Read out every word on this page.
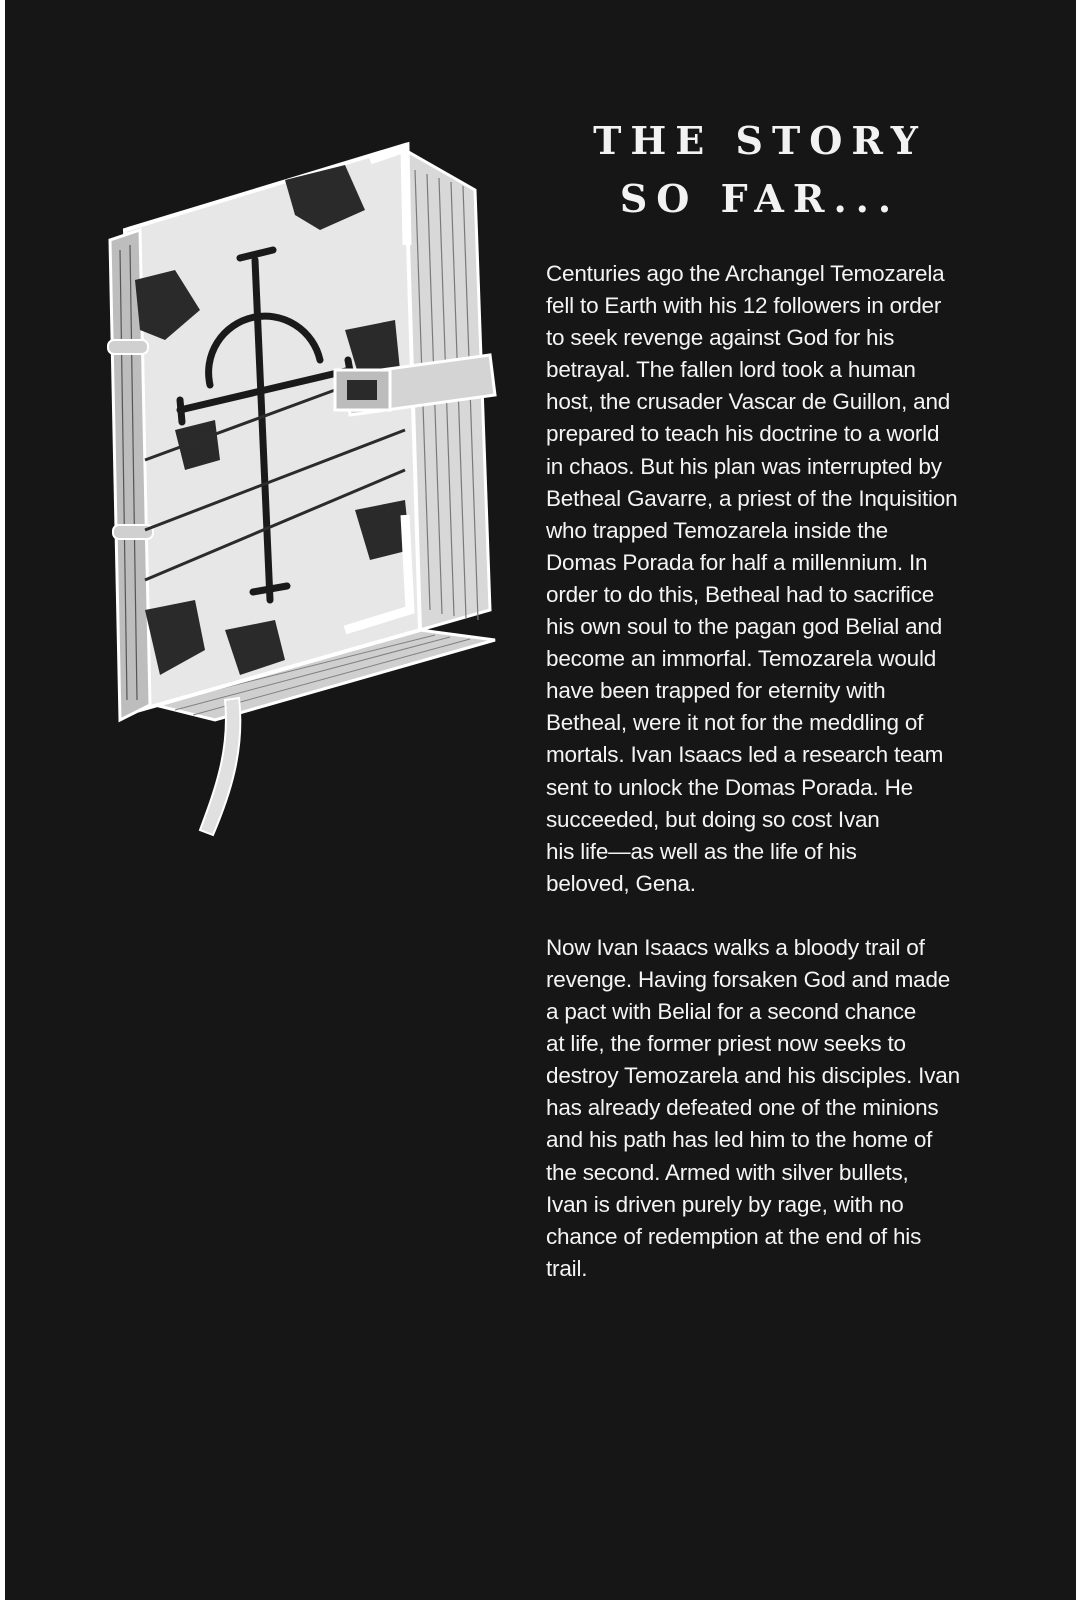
THE STORY
SO FAR...

Centuries ago the Archangel Temozarela
fell to Earth with his 12 followers in order
to seek revenge against God for his
betrayal. The fallen lord took a human
host, the crusader Vascar de Guillon, and
prepared to teach his doctrine to a world
in chaos. But his plan was interrupted by
Betheal Gavarre, a priest of the Inquisition
who trapped Temozarela inside the
Domas Porada for half a millennium. In
order to do this, Betheal had to sacrifice
his own soul to the pagan god Belial and
become an immorfal. Temozarela would
have been trapped for eternity with
Betheal, were it not for the meddling of
mortals. Ivan Isaacs led a research team
sent to unlock the Domas Porada. He
succeeded, but doing so cost Ivan
his life—as well as the life of his
beloved, Gena.

Now Ivan Isaacs walks a bloody trail of
revenge. Having forsaken God and made
a pact with Belial for a second chance
at life, the former priest now seeks to
destroy Temozarela and his disciples. Ivan
has already defeated one of the minions
and his path has led him to the home of
the second. Armed with silver bullets,
Ivan is driven purely by rage, with no
chance of redemption at the end of his
trail.
